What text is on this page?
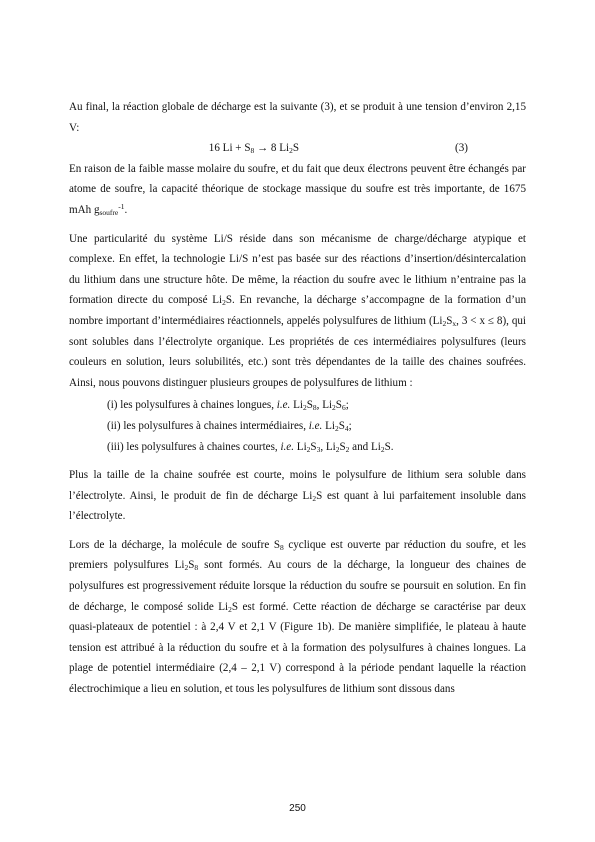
Au final, la réaction globale de décharge est la suivante (3), et se produit à une tension d’environ 2,15 V:

16 $Li + S_8 \to 8$ $Li_2S$	(3)

En raison de la faible masse molaire du soufre, et du fait que deux électrons peuvent être échangés par atome de soufre, la capacité théorique de stockage massique du soufre est très importante, de 1675 mAh $g_{soufre}^{-1}$.

Une particularité du système Li/S réside dans son mécanisme de charge/décharge atypique et complexe. En effet, la technologie Li/S n’est pas basée sur des réactions d’insertion/désintercalation du lithium dans une structure hôte. De même, la réaction du soufre avec le lithium n’entraine pas la formation directe du composé $Li_2S$. En revanche, la décharge s’accompagne de la formation d’un nombre important d’intermédiaires réactionnels, appelés polysulfures de lithium ($Li_2S_x$, 3 < x ≤ 8), qui sont solubles dans l’électrolyte organique. Les propriétés de ces intermédiaires polysulfures (leurs couleurs en solution, leurs solubilités, etc.) sont très dépendantes de la taille des chaines soufrées. Ainsi, nous pouvons distinguer plusieurs groupes de polysulfures de lithium :

(i) les polysulfures à chaines longues, i.e. $Li_2S_8$, $Li_2S_6$;
(ii) les polysulfures à chaines intermédiaires, i.e. $Li_2S_4$;
(iii) les polysulfures à chaines courtes, i.e. $Li_2S_3$, $Li_2S_2$ and $Li_2S$.

Plus la taille de la chaine soufrée est courte, moins le polysulfure de lithium sera soluble dans l’électrolyte. Ainsi, le produit de fin de décharge $Li_2S$ est quant à lui parfaitement insoluble dans l’électrolyte.

Lors de la décharge, la molécule de soufre $S_8$ cyclique est ouverte par réduction du soufre, et les premiers polysulfures $Li_2S_8$ sont formés. Au cours de la décharge, la longueur des chaines de polysulfures est progressivement réduite lorsque la réduction du soufre se poursuit en solution. En fin de décharge, le composé solide $Li_2S$ est formé. Cette réaction de décharge se caractérise par deux quasi-plateaux de potentiel : à 2,4 V et 2,1 V (Figure 1b). De manière simplifiée, le plateau à haute tension est attribué à la réduction du soufre et à la formation des polysulfures à chaines longues. La plage de potentiel intermédiaire (2,4 – 2,1 V) correspond à la période pendant laquelle la réaction électrochimique a lieu en solution, et tous les polysulfures de lithium sont dissous dans

250
